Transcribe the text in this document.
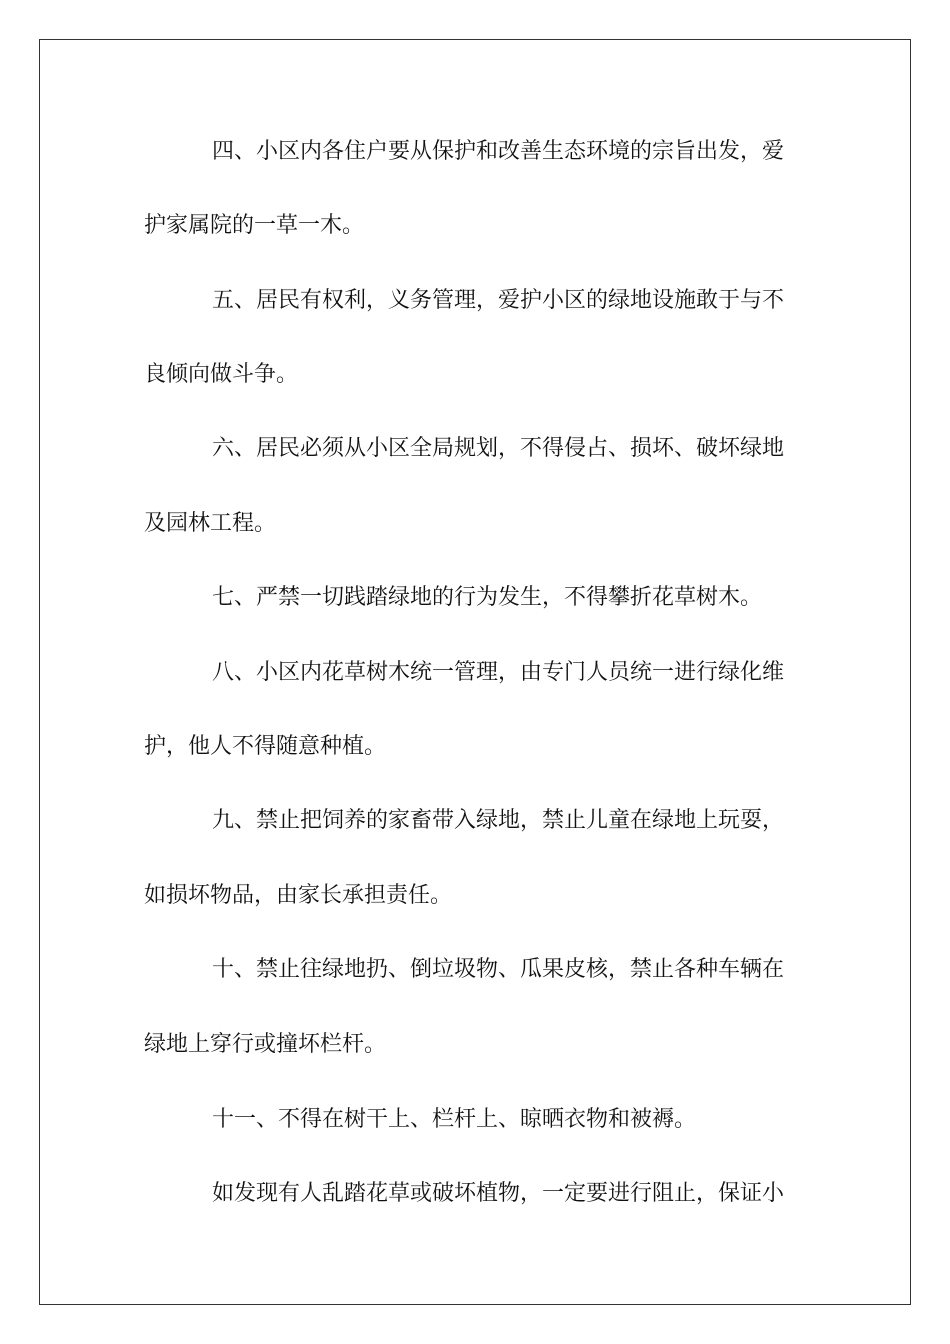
四、小区内各住户要从保护和改善生态环境的宗旨出发，爱
护家属院的一草一木。
五、居民有权利，义务管理，爱护小区的绿地设施敢于与不
良倾向做斗争。
六、居民必须从小区全局规划，不得侵占、损坏、破坏绿地
及园林工程。
七、严禁一切践踏绿地的行为发生，不得攀折花草树木。
八、小区内花草树木统一管理，由专门人员统一进行绿化维
护，他人不得随意种植。
九、禁止把饲养的家畜带入绿地，禁止儿童在绿地上玩耍，
如损坏物品，由家长承担责任。
十、禁止往绿地扔、倒垃圾物、瓜果皮核，禁止各种车辆在
绿地上穿行或撞坏栏杆。
十一、不得在树干上、栏杆上、晾晒衣物和被褥。
如发现有人乱踏花草或破坏植物，一定要进行阻止，保证小
